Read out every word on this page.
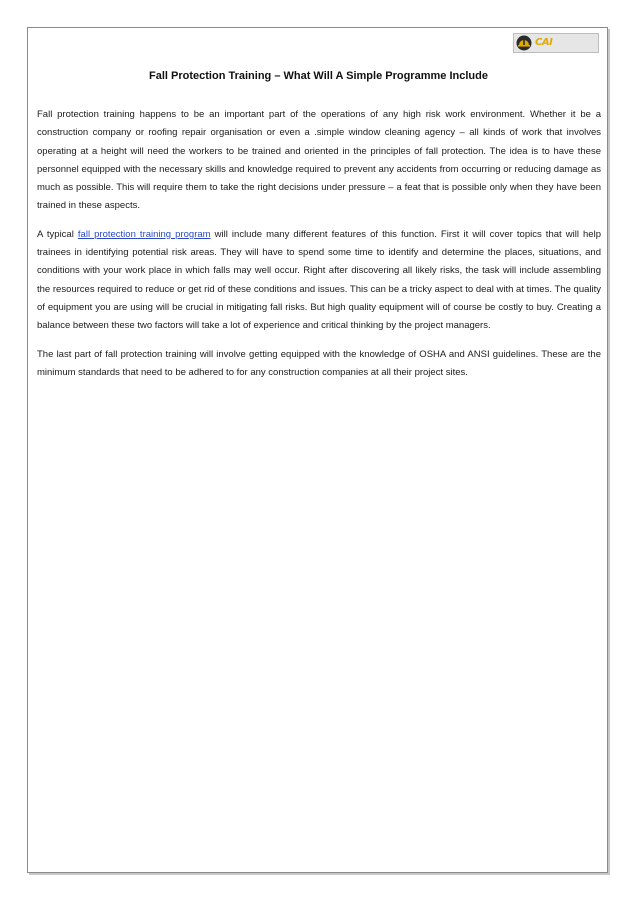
CAI
Fall Protection Training – What Will A Simple Programme Include

Fall protection training happens to be an important part of the operations of any high risk work environment. Whether it be a construction company or roofing repair organisation or even a .simple window cleaning agency – all kinds of work that involves operating at a height will need the workers to be trained and oriented in the principles of fall protection. The idea is to have these personnel equipped with the necessary skills and knowledge required to prevent any accidents from occurring or reducing damage as much as possible. This will require them to take the right decisions under pressure – a feat that is possible only when they have been trained in these aspects.

A typical fall protection training program will include many different features of this function. First it will cover topics that will help trainees in identifying potential risk areas. They will have to spend some time to identify and determine the places, situations, and conditions with your work place in which falls may well occur. Right after discovering all likely risks, the task will include assembling the resources required to reduce or get rid of these conditions and issues. This can be a tricky aspect to deal with at times. The quality of equipment you are using will be crucial in mitigating fall risks. But high quality equipment will of course be costly to buy. Creating a balance between these two factors will take a lot of experience and critical thinking by the project managers.

The last part of fall protection training will involve getting equipped with the knowledge of OSHA and ANSI guidelines. These are the minimum standards that need to be adhered to for any construction companies at all their project sites.
